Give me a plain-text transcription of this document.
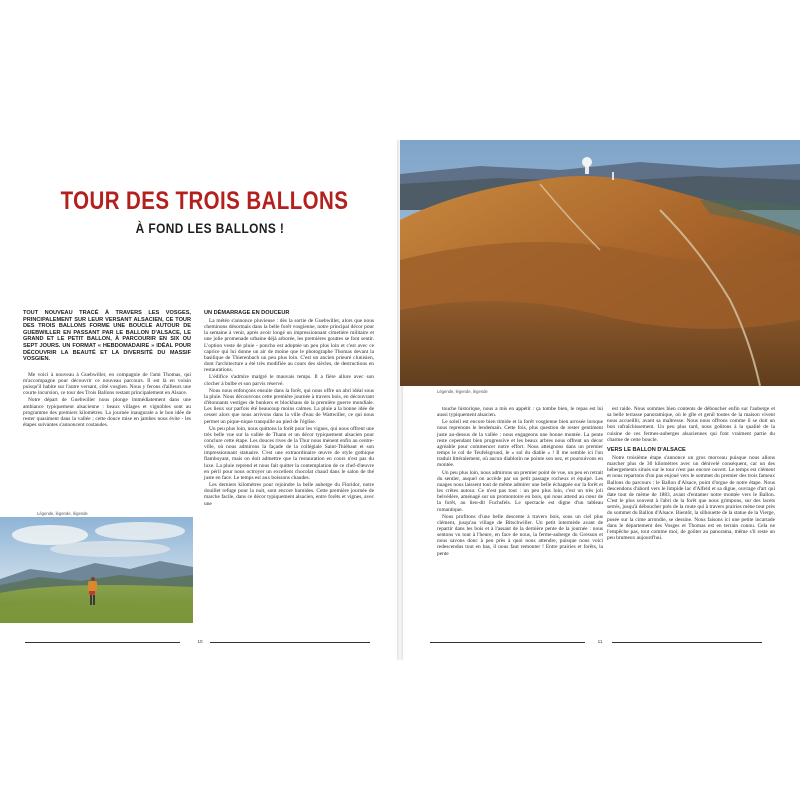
TOUR DES TROIS BALLONS
À FOND LES BALLONS !
TOUT NOUVEAU TRACÉ À TRAVERS LES VOSGES, PRINCIPALEMENT SUR LEUR VERSANT ALSACIEN, CE TOUR DES TROIS BALLONS FORME UNE BOUCLE AUTOUR DE GUEBWILLER EN PASSANT PAR LE BALLON D'ALSACE, LE GRAND ET LE PETIT BALLON, À PARCOURIR EN SIX OU SEPT JOURS. UN FORMAT « HEBDOMADAIRE » IDÉAL POUR DÉCOUVRIR LA BEAUTÉ ET LA DIVERSITÉ DU MASSIF VOSGIEN.

Me voici à nouveau à Guebwiller, en compagnie de l'ami Thomas, qui m'accompagne pour découvrir ce nouveau parcours. Il est là en voisin puisqu'il habite sur l'autre versant, côté vosgien. Nous y ferons d'ailleurs une courte incursion, ce tour des Trois Ballons restant principalement en Alsace.

Notre départ de Guebwiller nous plonge immédiatement dans une ambiance typiquement alsacienne : beaux villages et vignobles sont au programme des premiers kilomètres. La journée inaugurale a le bon idée de rester quasiment dans la vallée ; cette douce mise en jambes nous évite - les étapes suivantes s'annoncent costaudes.

Légende, légende, légende
UN DÉMARRAGE EN DOUCEUR

La météo s'annonce pluvieuse : dès la sortie de Guebwiller, alors que nous cheminons désormais dans la belle forêt vosgienne, notre principal décor pour la semaine à venir, après avoir longé un impressionnant cimetière militaire et une jolie promenade urbaine déjà arborée, les premières gouttes se font sentir. L'option veste de pluie - poncho est adoptée un peu plus loin et c'est avec ce caprice qui lui donne un air de moine que le photographe Thomas devant la basilique de Thierenbach un peu plus loin. C'est un ancien prieuré clunisien, dont l'architecture a été très modifiée au cours des siècles, de destructions en restaurations.

L'édifice s'admire malgré le mauvais temps. Il a fière allure avec son clocher à bulbe et son parvis réservé.

Nous nous enfonçons ensuite dans la forêt, qui nous offre un abri idéal sous la pluie. Nous découvrons cette première journée à travers bois, en découvrant d'étonnants vestiges de bunkers et blockhaus de la première guerre mondiale. Les lieux sur parfois été beaucoup moins calmes. La pluie a la bonne idée de cesser alors que nous arrivons dans la ville d'eau de Wattwiller, ce qui nous permet un pique-nique tranquille au pied de l'église.

Un peu plus loin, nous quittons la forêt pour les vignes, qui nous offrent une très belle vue sur la vallée de Thann et un décor typiquement alsacien pour conclure cette étape. Les douces rives de la Thur nous mènent enfin au centre-ville, où nous admirons la façade de la collégiale Saint-Thiébaut et son impressionnant statuaire. C'est une extraordinaire œuvre de style gothique flamboyant, mais on doit admettre que la restauration en cours n'est pas du luxe. La pluie reprend et nous fait quitter la contemplation de ce chef-d'œuvre en péril pour nous octroyer un excellent chocolat chaud dans le salon de thé juste en face. Le temps est aux boissons chaudes.

Les derniers kilomètres pour rejoindre la belle auberge du Floridor, notre douillet refuge pour la nuit, sont encore humides. Cette première journée de marche facile, dans ce décor typiquement alsacien, entre forêts et vignes, avec une

10
Légende, légende, légende

touche historique, nous a mis en appétit : ça tombe bien, le repas est lui aussi typiquement alsacien.

Le soleil est encore bien timide et la forêt vosgienne bien arrosée lorsque nous reprenons le lendemain. Cette fois, plus question de rester gentiment juste au-dessus de la vallée : nous engageons une bonne montée. La pente reste cependant bien progressive et les beaux arbres nous offrent un décor agréable pour commencer notre effort. Nous atteignons dans un premier temps le col de Teufelsgrund, le « sol du diable » ! Il me semble ici l'on traduit littéralement, où aucun diablotin ne pointe son nez, et poursuivons en montée.

Un peu plus loin, nous admirons un premier point de vue, un peu en retrait du sentier, auquel on accède par un petit passage rocheux et équipé. Les nuages nous laissent tout de même admirer une belle échappée sur la forêt et les crêtes autour. Ce n'est pas tout : un peu plus loin, c'est un très joli belvédère, aménagé sur un promontoire en bois, qui nous attend au cœur de la forêt, au lieu-dit Fuchsfels. Le spectacle est digne d'un tableau romantique.

Nous profitons d'une belle descente à travers bois, sous un ciel plus clément, jusqu'au village de Bitschwiller. Un petit intermède avant de repartir dans les bois et à l'assaut de la dernière pente de la journée : nous sentons vu tout à l'heure, en face de nous, la ferme-auberge du Gresson et nous savons donc à peu près à quoi nous attendre, puisque nous voici redescendus tout en bas, il nous faut remonter ! Entre prairies et forêts, la pente

est raide. Nous sommes bien contents de déboucher enfin sur l'auberge et sa belle terrasse panoramique, où le gîte et genil toutes de la maison vivent nous accueillir, avant sa maîtresse. Nous nous offrons comme il se doit un bon rafraîchissement. Un peu plus tard, nous goûtons à la qualité de la cuisine de ces fermes-auberges alsaciennes qui font vraiment partie du charme de cette boucle.

VERS LE BALLON D'ALSACE

Notre troisième étape s'annonce un gros morceau puisque nous allons marcher plus de 30 kilomètres avec un dénivelé conséquent, car un des hébergements situés sur le tour n'est pas encore ouvert. Le temps est clément et nous repartons d'un pas enjoué vers le sommet du premier des trois fameux Ballons du parcours : le Ballon d'Alsace, point d'orgue de notre étape. Nous descendons d'abord vers le limpide lac d'Alfeld et sa digue, ouvrage d'art qui date tout de même de 1883, avant d'entamer notre montée vers le Ballon. C'est le plus souvent à l'abri de la forêt que nous grimpons, sur des lacets serrés, jusqu'à déboucher près de la route qui à travers prairies mène tout près du sommet du Ballon d'Alsace. Bientôt, la silhouette de la statue de la Vierge, posée sur la cime arrondie, se dessine. Nous faisons ici une petite incartade dans le département des Vosges et Thomas est en terrain connu. Cela ne l'empêche pas, tout comme moi, de goûter au panorama, même s'il reste un peu brumeux aujourd'hui.

11
